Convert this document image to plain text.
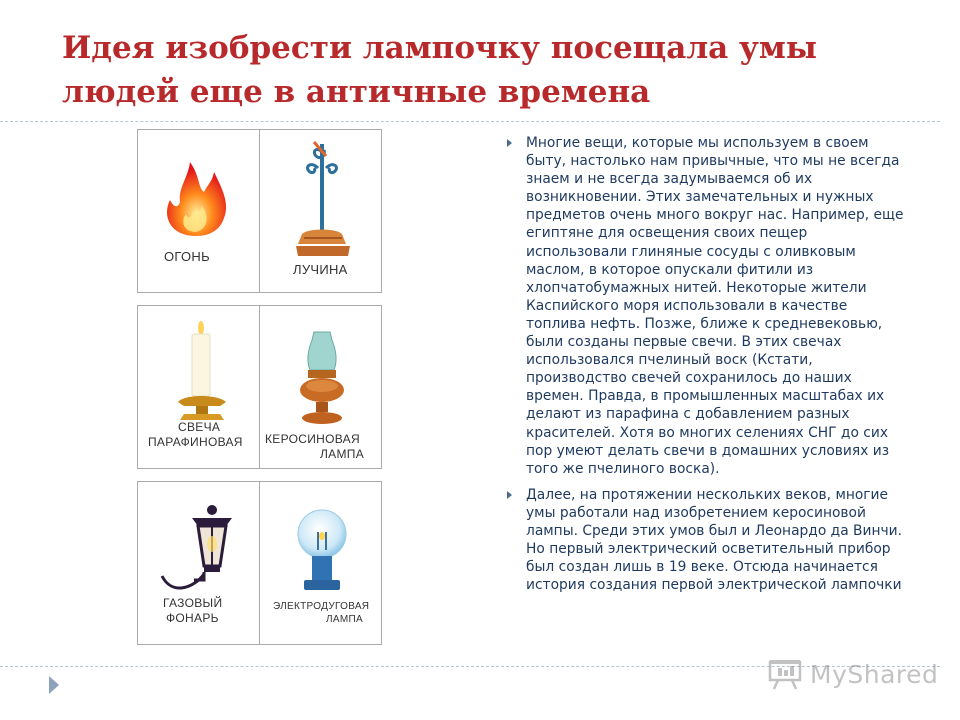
Идея изобрести лампочку посещала умы людей еще в античные времена
ОГОНЬ
ЛУЧИНА
СВЕЧА
ПАРАФИНОВАЯ КЕРОСИНОВАЯ
ЛАМПА
ГАЗОВЫЙ
ФОНАРЬ
ЭЛЕКТРОДУГОВАЯ
ЛАМПА

Многие вещи, которые мы используем в своем быту, настолько нам привычные, что мы не всегда знаем и не всегда задумываемся об их возникновении. Этих замечательных и нужных предметов очень много вокруг нас. Например, еще египтяне для освещения своих пещер использовали глиняные сосуды с оливковым маслом, в которое опускали фитили из хлопчатобумажных нитей. Некоторые жители Каспийского моря использовали в качестве топлива нефть. Позже, ближе к средневековью, были созданы первые свечи. В этих свечах использовался пчелиный воск (Кстати, производство свечей сохранилось до наших времен. Правда, в промышленных масштабах их делают из парафина с добавлением разных красителей. Хотя во многих селениях СНГ до сих пор умеют делать свечи в домашних условиях из того же пчелиного воска).

Далее, на протяжении нескольких веков, многие умы работали над изобретением керосиновой лампы. Среди этих умов был и Леонардо да Винчи. Но первый электрический осветительный прибор был создан лишь в 19 веке. Отсюда начинается история создания первой электрической лампочки

MyShared
